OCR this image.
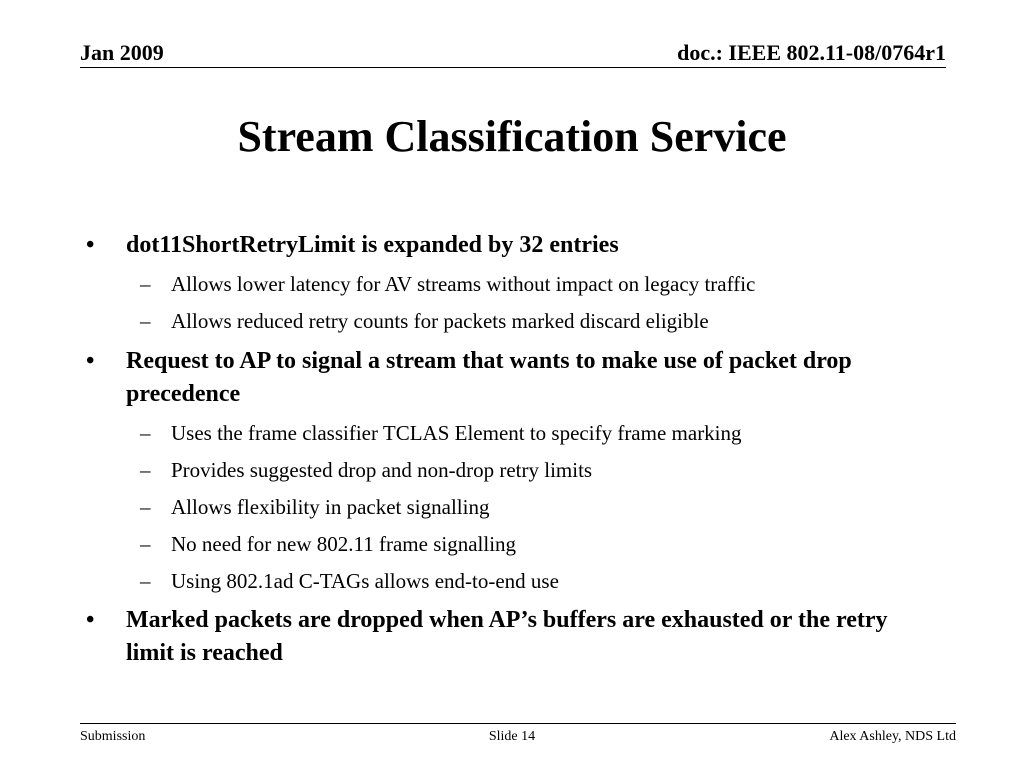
Jan 2009	doc.: IEEE 802.11-08/0764r1
Stream Classification Service
• dot11ShortRetryLimit is expanded by 32 entries
– Allows lower latency for AV streams without impact on legacy traffic
– Allows reduced retry counts for packets marked discard eligible
• Request to AP to signal a stream that wants to make use of packet drop precedence
– Uses the frame classifier TCLAS Element to specify frame marking
– Provides suggested drop and non-drop retry limits
– Allows flexibility in packet signalling
– No need for new 802.11 frame signalling
– Using 802.1ad C-TAGs allows end-to-end use
• Marked packets are dropped when AP’s buffers are exhausted or the retry limit is reached
Submission	Slide 14	Alex Ashley, NDS Ltd
